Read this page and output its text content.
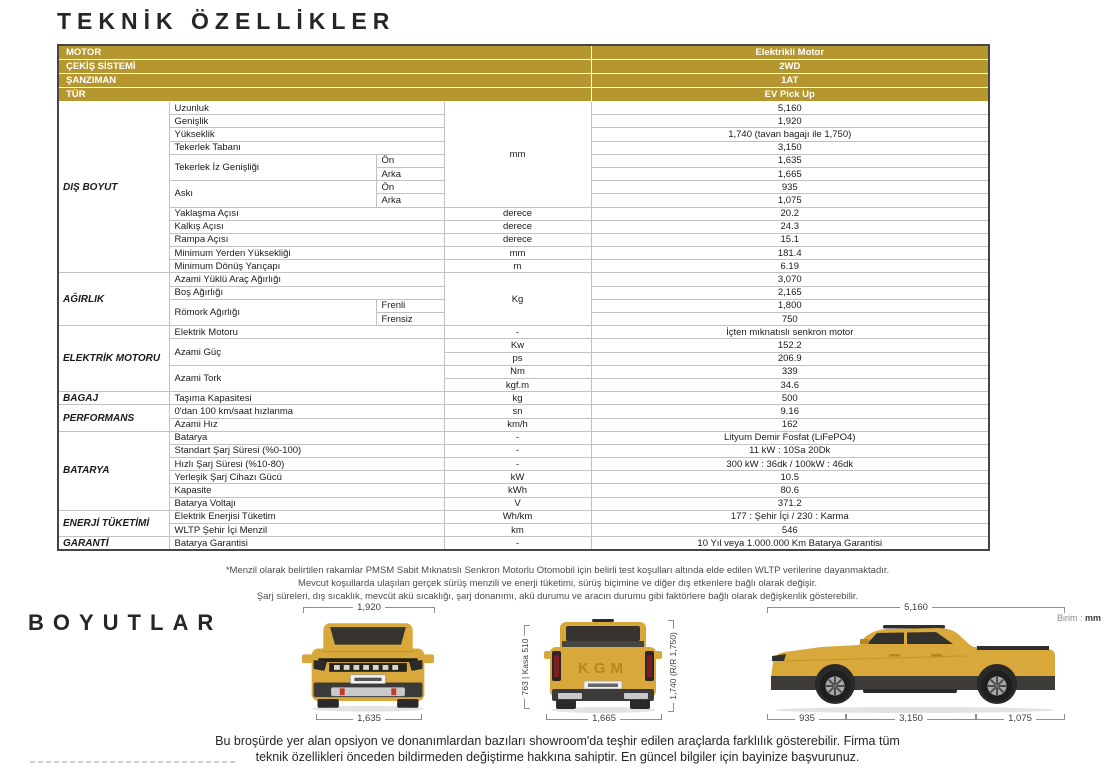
TEKNİK ÖZELLİKLER
MOTOR				Elektrikli Motor
ÇEKİŞ SİSTEMİ				2WD
ŞANZIMAN				1AT
TÜR				EV Pick Up
DIŞ BOYUT	Uzunluk		mm	5,160
	Genişlik			1,920
	Yükseklik			1,740 (tavan bagajı ile 1,750)
	Tekerlek Tabanı			3,150
	Tekerlek İz Genişliği	Ön		1,635
		Arka		1,665
	Askı	Ön		935
		Arka		1,075
	Yaklaşma Açısı		derece	20.2
	Kalkış Açısı		derece	24.3
	Rampa Açısı		derece	15.1
	Minimum Yerden Yüksekliği		mm	181.4
	Minimum Dönüş Yarıçapı		m	6.19
AĞIRLIK	Azami Yüklü Araç Ağırlığı		Kg	3,070
	Boş Ağırlığı			2,165
	Römork Ağırlığı	Frenli		1,800
		Frensiz		750
ELEKTRİK MOTORU	Elektrik Motoru		-	İçten mıknatıslı senkron motor
	Azami Güç		Kw	152.2
			ps	206.9
	Azami Tork		Nm	339
			kgf.m	34.6
BAGAJ	Taşıma Kapasitesi		kg	500
PERFORMANS	0'dan 100 km/saat hızlanma		sn	9.16
	Azami Hız		km/h	162
BATARYA	Batarya		-	Lityum Demir Fosfat (LiFePO4)
	Standart Şarj Süresi (%0-100)		-	11 kW : 10Sa 20Dk
	Hızlı Şarj Süresi (%10-80)		-	300 kW : 36dk / 100kW : 46dk
	Yerleşik Şarj Cihazı Gücü		kW	10.5
	Kapasite		kWh	80.6
	Batarya Voltajı		V	371.2
ENERJİ TÜKETİMİ	Elektrik Enerjisi Tüketim		Wh/km	177 : Şehir İçi / 230 : Karma
	WLTP Şehir İçi Menzil		km	546
GARANTİ	Batarya Garantisi		-	10 Yıl veya 1.000.000 Km Batarya Garantisi
*Menzil olarak belirtilen rakamlar PMSM Sabit Mıknatıslı Senkron Motorlu Otomobil için belirli test koşulları altında elde edilen WLTP verilerine dayanmaktadır.
Mevcut koşullarda ulaşılan gerçek sürüş menzili ve enerji tüketimi, sürüş biçimine ve diğer dış etkenlere bağlı olarak değişir.
Şarj süreleri, dış sıcaklık, mevcüt akü sıcaklığı, şarj donanımı, akü durumu ve aracın durumu gibi faktörlere bağlı olarak değişkenlik gösterebilir.
BOYUTLAR	Birim : mm
1,920
1,635
763 | Kasa 510	KGM	1,740 (R/R 1,750)
1,665
5,160
935	3,150	1,075
Bu broşürde yer alan opsiyon ve donanımlardan bazıları showroom'da teşhir edilen araçlarda farklılık gösterebilir. Firma tüm
teknik özellikleri önceden bildirmeden değiştirme hakkına sahiptir. En güncel bilgiler için bayinize başvurunuz.
